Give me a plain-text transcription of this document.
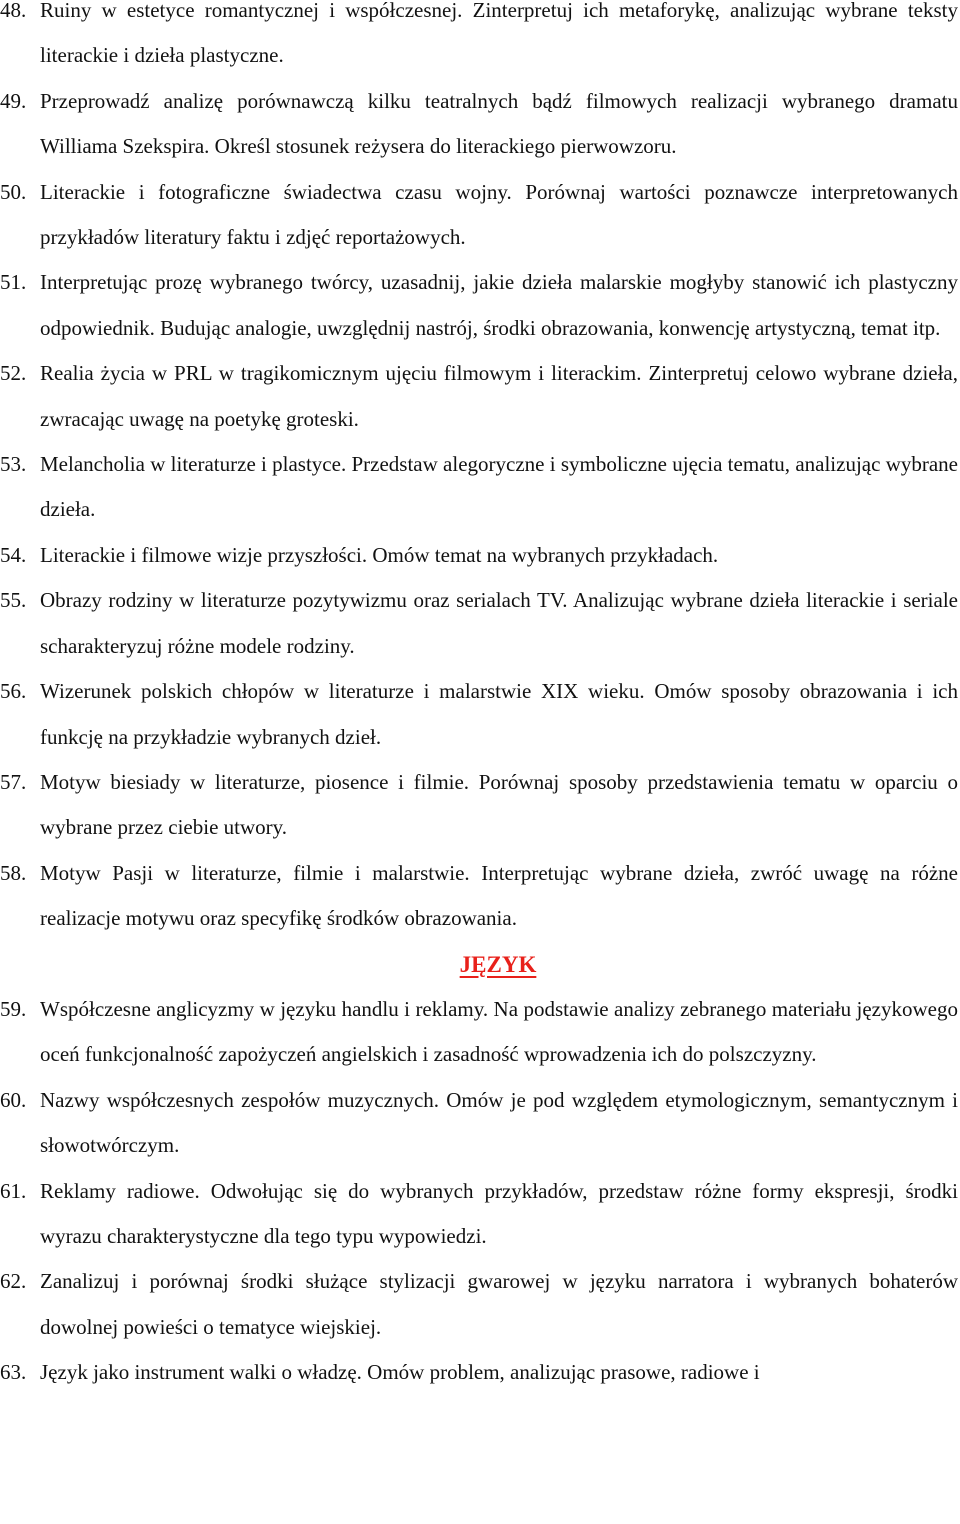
48. Ruiny w estetyce romantycznej i współczesnej. Zinterpretuj ich metaforykę, analizując wybrane teksty literackie i dzieła plastyczne.

49. Przeprowadź analizę porównawczą kilku teatralnych bądź filmowych realizacji wybranego dramatu Williama Szekspira. Określ stosunek reżysera do literackiego pierwowzoru.

50. Literackie i fotograficzne świadectwa czasu wojny. Porównaj wartości poznawcze interpretowanych przykładów literatury faktu i zdjęć reportażowych.

51. Interpretując prozę wybranego twórcy, uzasadnij, jakie dzieła malarskie mogłyby stanowić ich plastyczny odpowiednik. Budując analogie, uwzględnij nastrój, środki obrazowania, konwencję artystyczną, temat itp.

52. Realia życia w PRL w tragikomicznym ujęciu filmowym i literackim. Zinterpretuj celowo wybrane dzieła, zwracając uwagę na poetykę groteski.

53. Melancholia w literaturze i plastyce. Przedstaw alegoryczne i symboliczne ujęcia tematu, analizując wybrane dzieła.

54. Literackie i filmowe wizje przyszłości. Omów temat na wybranych przykładach.

55. Obrazy rodziny w literaturze pozytywizmu oraz serialach TV. Analizując wybrane dzieła literackie i seriale scharakteryzuj różne modele rodziny.

56. Wizerunek polskich chłopów w literaturze i malarstwie XIX wieku. Omów sposoby obrazowania i ich funkcję na przykładzie wybranych dzieł.

57. Motyw biesiady w literaturze, piosence i filmie. Porównaj sposoby przedstawienia tematu w oparciu o wybrane przez ciebie utwory.

58. Motyw Pasji w literaturze, filmie i malarstwie. Interpretując wybrane dzieła, zwróć uwagę na różne realizacje motywu oraz specyfikę środków obrazowania.

JĘZYK
59. Współczesne anglicyzmy w języku handlu i reklamy. Na podstawie analizy zebranego materiału językowego oceń funkcjonalność zapożyczeń angielskich i zasadność wprowadzenia ich do polszczyzny.

60. Nazwy współczesnych zespołów muzycznych. Omów je pod względem etymologicznym, semantycznym i słowotwórczym.

61. Reklamy radiowe. Odwołując się do wybranych przykładów, przedstaw różne formy ekspresji, środki wyrazu charakterystyczne dla tego typu wypowiedzi.

62. Zanalizuj i porównaj środki służące stylizacji gwarowej w języku narratora i wybranych bohaterów dowolnej powieści o tematyce wiejskiej.

63. Język jako instrument walki o władzę. Omów problem, analizując prasowe, radiowe i
